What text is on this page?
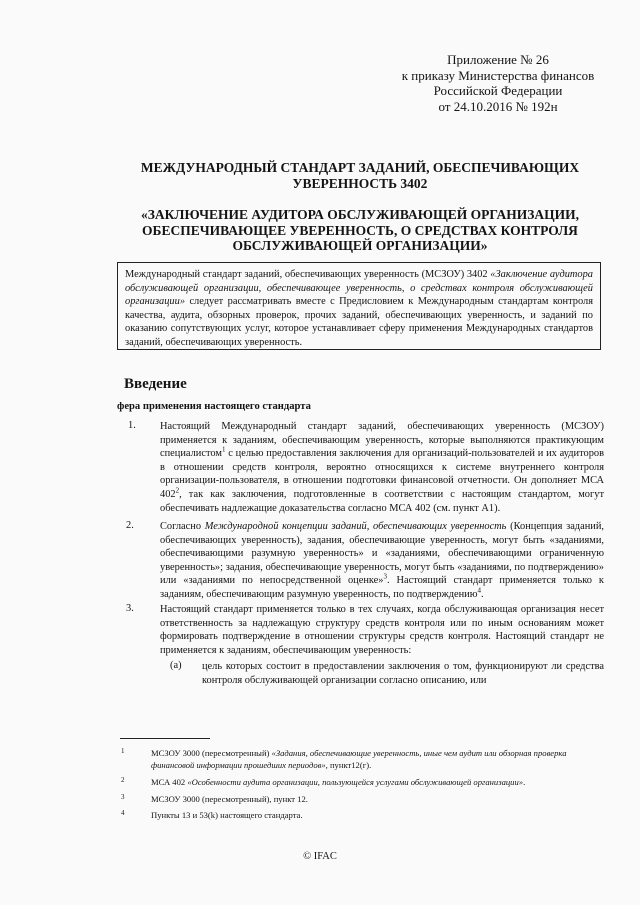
Приложение № 26
к приказу Министерства финансов
Российской Федерации
от 24.10.2016 № 192н
МЕЖДУНАРОДНЫЙ СТАНДАРТ ЗАДАНИЙ, ОБЕСПЕЧИВАЮЩИХ
УВЕРЕННОСТЬ 3402
«ЗАКЛЮЧЕНИЕ АУДИТОРА ОБСЛУЖИВАЮЩЕЙ ОРГАНИЗАЦИИ,
ОБЕСПЕЧИВАЮЩЕЕ УВЕРЕННОСТЬ, О СРЕДСТВАХ КОНТРОЛЯ
ОБСЛУЖИВАЮЩЕЙ ОРГАНИЗАЦИИ»
Международный стандарт заданий, обеспечивающих уверенность (МСЗОУ) 3402 «Заключение аудитора обслуживающей организации, обеспечивающее уверенность, о средствах контроля обслуживающей организации» следует рассматривать вместе с Предисловием к Международным стандартам контроля качества, аудита, обзорных проверок, прочих заданий, обеспечивающих уверенность, и заданий по оказанию сопутствующих услуг, которое устанавливает сферу применения Международных стандартов заданий, обеспечивающих уверенность.
Введение
фера применения настоящего стандарта
1. Настоящий Международный стандарт заданий, обеспечивающих уверенность (МСЗОУ) применяется к заданиям, обеспечивающим уверенность, которые выполняются практикующим специалистом$^1$ с целью предоставления заключения для организаций-пользователей и их аудиторов в отношении средств контроля, вероятно относящихся к системе внутреннего контроля организации-пользователя, в отношении подготовки финансовой отчетности. Он дополняет МСА $402^2$, так как заключения, подготовленные в соответствии с настоящим стандартом, могут обеспечивать надлежащие доказательства согласно МСА 402 (см. пункт А1).
2.	Согласно Международной концепции заданий, обеспечивающих уверенность (Концепция заданий, обеспечивающих уверенность), задания, обеспечивающие уверенность, могут быть «заданиями, обеспечивающими разумную уверенность» и «заданиями, обеспечивающими ограниченную уверенность»; задания, обеспечивающие уверенность, могут быть «заданиями, по подтверждению» или «заданиями по непосредственной оценке»$^3$. Настоящий стандарт применяется только к заданиям, обеспечивающим разумную уверенность, по подтверждению$^4$.
3.	Настоящий стандарт применяется только в тех случаях, когда обслуживающая организация несет ответственность за надлежащую структуру средств контроля или по иным основаниям может формировать подтверждение в отношении структуры средств контроля. Настоящий стандарт не применяется к заданиям, обеспечивающим уверенность:
(a) цель которых состоит в предоставлении заключения о том, функционируют ли средства контроля обслуживающей организации согласно описанию, или
1	МСЗОУ 3000 (пересмотренный) «Задания, обеспечивающие уверенность, иные чем аудит или обзорная проверка финансовой информации прошедших периодов», пункт12(г).
2	МСА 402 «Особенности аудита организации, пользующейся услугами обслуживающей организации».
3	МСЗОУ 3000 (пересмотренный), пункт 12.
4	Пункты 13 и 53(k) настоящего стандарта.
© IFAC
